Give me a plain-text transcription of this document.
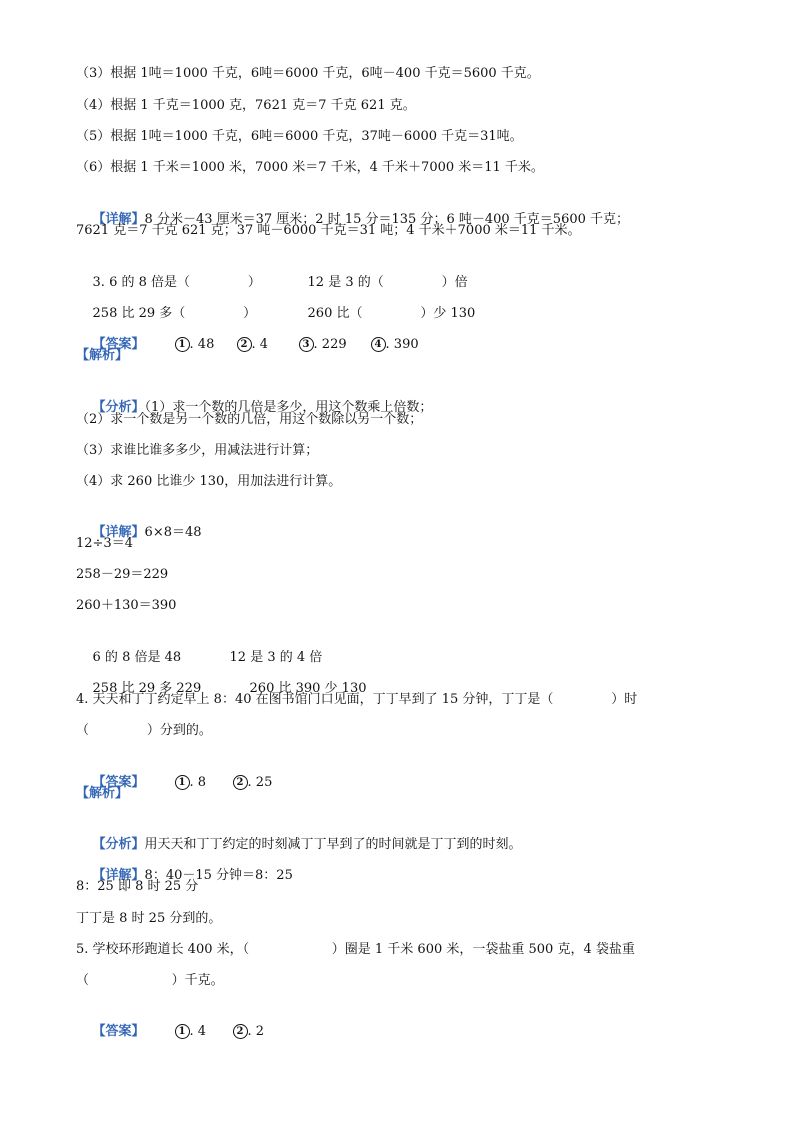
（3）根据 1吨＝1000 千克，6吨＝6000 千克，6吨－400 千克＝5600 千克。
（4）根据 1 千克＝1000 克，7621 克＝7 千克 621 克。
（5）根据 1吨＝1000 千克，6吨＝6000 千克，37吨－6000 千克＝31吨。
（6）根据 1 千米＝1000 米，7000 米＝7 千米，4 千米＋7000 米＝11 千米。

【详解】8 分米－43 厘米＝37 厘米；2 时 15 分＝135 分；6 吨－400 千克＝5600 千克；

7621 克＝7 千克 621 克；37 吨－6000 千克＝31 吨；4 千米＋7000 米＝11 千米。

3. 6 的 8 倍是（              ）	12 是 3 的（              ）倍

258 比 29 多（              ）	260 比（              ）少 130

【答案】	1 . 48	2 . 4	3 . 229	4 . 390

【解析】

【分析】（1）求一个数的几倍是多少，用这个数乘上倍数；

（2）求一个数是另一个数的几倍，用这个数除以另一个数；
（3）求谁比谁多多少，用减法进行计算；
（4）求 260 比谁少 130，用加法进行计算。

【详解】6×8＝48

12÷3＝4
258－29＝229
260＋130＝390

6 的 8 倍是 48	12 是 3 的 4 倍

258 比 29 多 229	260 比 390 少 130

4. 天天和丁丁约定早上 8：40 在图书馆门口见面，丁丁早到了 15 分钟，丁丁是（              ）时
（              ）分到的。

【答案】	1 . 8	2 . 25

【解析】

【分析】用天天和丁丁约定的时刻减丁丁早到了的时间就是丁丁到的时刻。

【详解】8：40－15 分钟＝8：25

8：25 即 8 时 25 分
丁丁是 8 时 25 分到的。
5. 学校环形跑道长 400 米，（                    ）圈是 1 千米 600 米，一袋盐重 500 克，4 袋盐重
（                    ）千克。

【答案】	1 . 4	2 . 2
